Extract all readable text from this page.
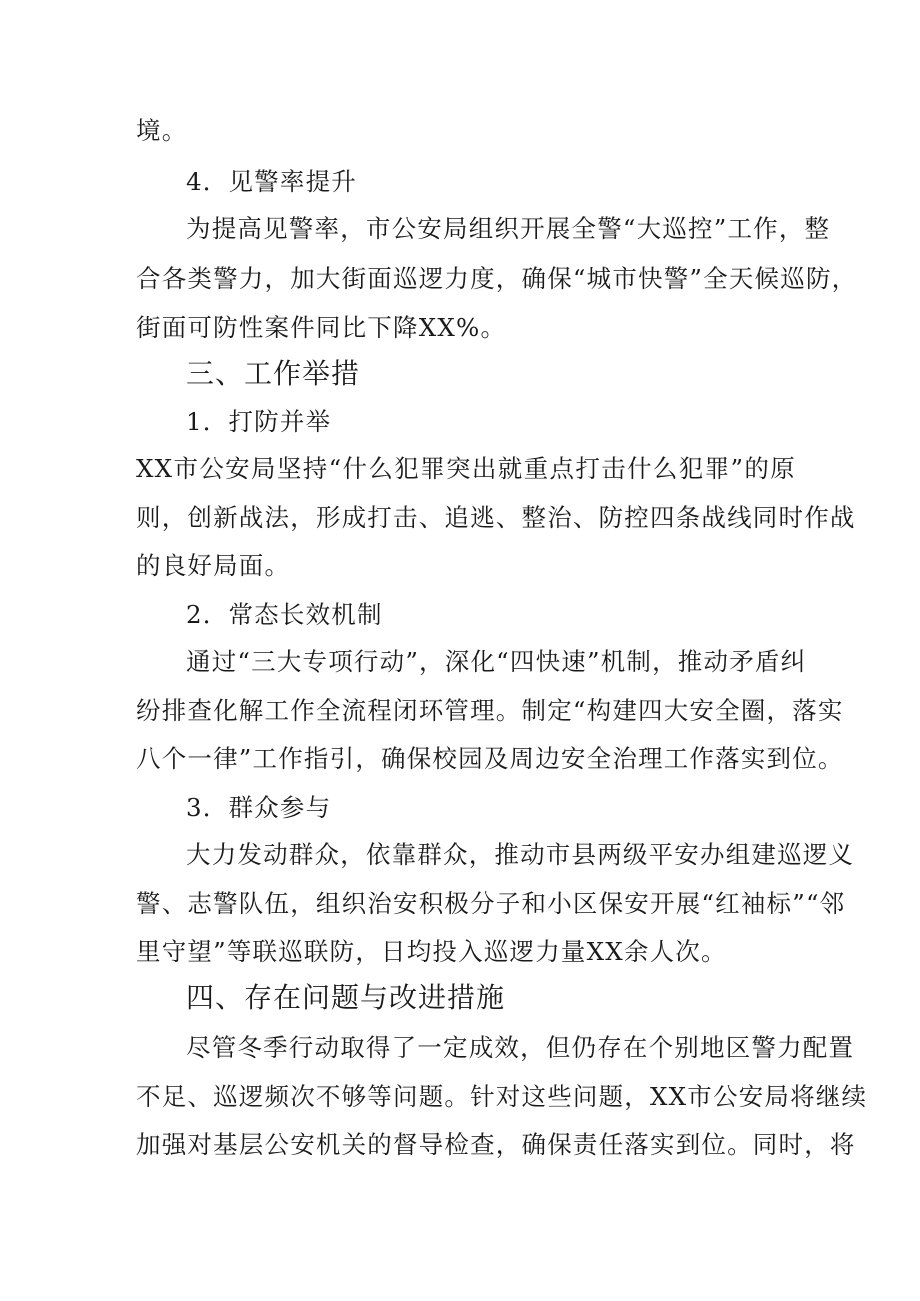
境。
4．见警率提升
为提高见警率，市公安局组织开展全警“大巡控”工作，整
合各类警力，加大街面巡逻力度，确保“城市快警”全天候巡防，
街面可防性案件同比下降XX%。
三、工作举措
1．打防并举
XX市公安局坚持“什么犯罪突出就重点打击什么犯罪”的原
则，创新战法，形成打击、追逃、整治、防控四条战线同时作战
的良好局面。
2．常态长效机制
通过“三大专项行动”，深化“四快速”机制，推动矛盾纠
纷排查化解工作全流程闭环管理。制定“构建四大安全圈，落实
八个一律”工作指引，确保校园及周边安全治理工作落实到位。
3．群众参与
大力发动群众，依靠群众，推动市县两级平安办组建巡逻义
警、志警队伍，组织治安积极分子和小区保安开展“红袖标”“邻
里守望”等联巡联防，日均投入巡逻力量XX余人次。
四、存在问题与改进措施
尽管冬季行动取得了一定成效，但仍存在个别地区警力配置
不足、巡逻频次不够等问题。针对这些问题，XX市公安局将继续
加强对基层公安机关的督导检查，确保责任落实到位。同时，将
